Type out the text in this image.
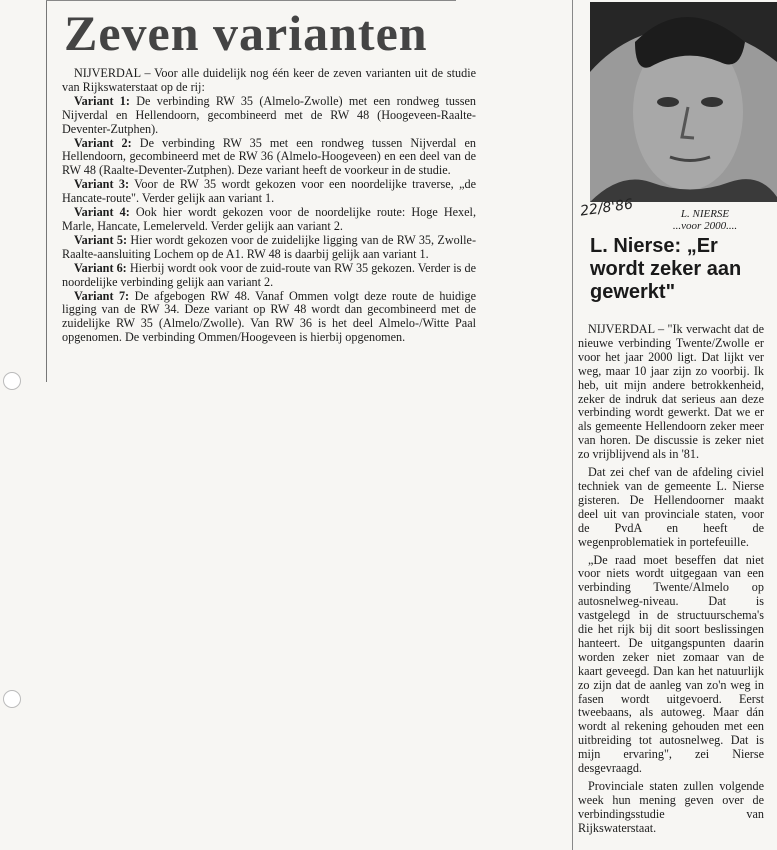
Zeven varianten

NIJVERDAL – Voor alle duidelijk nog één keer de zeven varianten uit de studie van Rijkswaterstaat op de rij:

Variant 1: De verbinding RW 35 (Almelo-Zwolle) met een rondweg tussen Nijverdal en Hellendoorn, gecombineerd met de RW 48 (Hoogeveen-Raalte-Deventer-Zutphen).

Variant 2: De verbinding RW 35 met een rondweg tussen Nijverdal en Hellendoorn, gecombineerd met de RW 36 (Almelo-Hoogeveen) en een deel van de RW 48 (Raalte-Deventer-Zutphen). Deze variant heeft de voorkeur in de studie.

Variant 3: Voor de RW 35 wordt gekozen voor een noordelijke traverse, „de Hancate-route". Verder gelijk aan variant 1.

Variant 4: Ook hier wordt gekozen voor de noordelijke route: Hoge Hexel, Marle, Hancate, Lemelerveld. Verder gelijk aan variant 2.

Variant 5: Hier wordt gekozen voor de zuidelijke ligging van de RW 35, Zwolle-Raalte-aansluiting Lochem op de A1. RW 48 is daarbij gelijk aan variant 1.

Variant 6: Hierbij wordt ook voor de zuid-route van RW 35 gekozen. Verder is de noordelijke verbinding gelijk aan variant 2.

Variant 7: De afgebogen RW 48. Vanaf Ommen volgt deze route de huidige ligging van de RW 34. Deze variant op RW 48 wordt dan gecombineerd met de zuidelijke RW 35 (Almelo/Zwolle). Van RW 36 is het deel Almelo-/Witte Paal opgenomen. De verbinding Ommen/Hoogeveen is hierbij opgenomen.

22/8'86	L. NIERSE
...voor 2000....
L. Nierse: „Er wordt zeker aan gewerkt"

NIJVERDAL – "Ik verwacht dat de nieuwe verbinding Twente/Zwolle er voor het jaar 2000 ligt. Dat lijkt ver weg, maar 10 jaar zijn zo voorbij. Ik heb, uit mijn andere betrokkenheid, zeker de indruk dat serieus aan deze verbinding wordt gewerkt. Dat we er als gemeente Hellendoorn zeker meer van horen. De discussie is zeker niet zo vrijblijvend als in '81.

Dat zei chef van de afdeling civiel techniek van de gemeente L. Nierse gisteren. De Hellendoorner maakt deel uit van provinciale staten, voor de PvdA en heeft de wegenproblematiek in portefeuille.

„De raad moet beseffen dat niet voor niets wordt uitgegaan van een verbinding Twente/Almelo op autosnelweg-niveau. Dat is vastgelegd in de structuurschema's die het rijk bij dit soort beslissingen hanteert. De uitgangspunten daarin worden zeker niet zomaar van de kaart geveegd. Dan kan het natuurlijk zo zijn dat de aanleg van zo'n weg in fasen wordt uitgevoerd. Eerst tweebaans, als autoweg. Maar dán wordt al rekening gehouden met een uitbreiding tot autosnelweg. Dat is mijn ervaring", zei Nierse desgevraagd.

Provinciale staten zullen volgende week hun mening geven over de verbindingsstudie van Rijkswaterstaat.
